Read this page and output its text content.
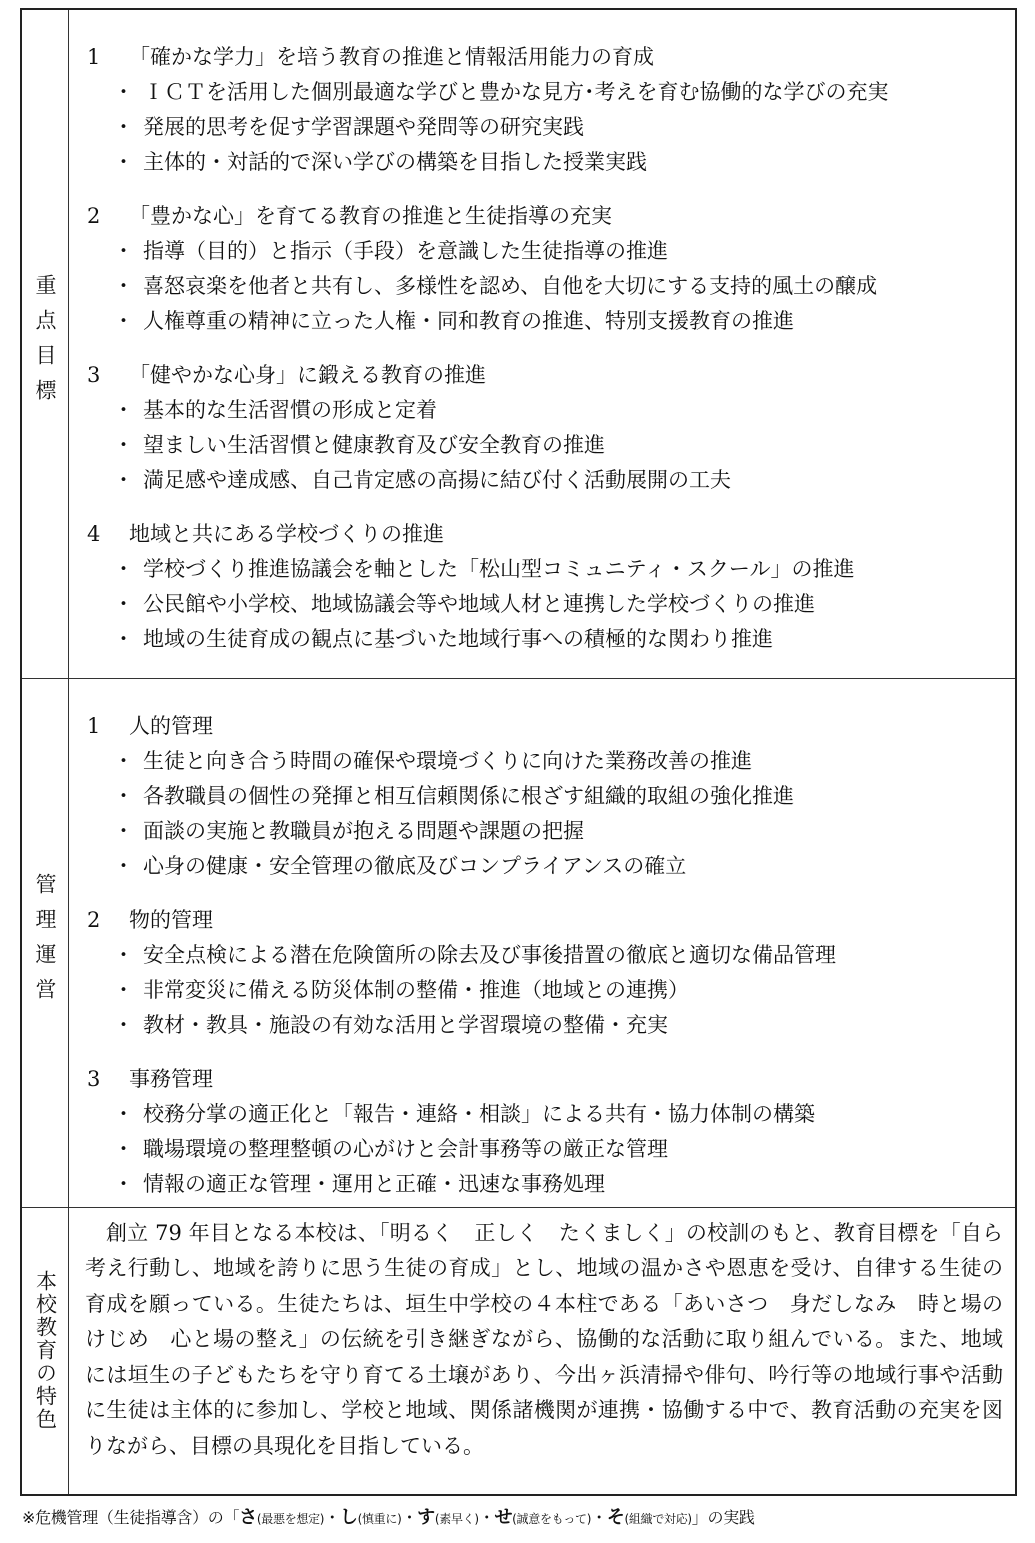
重点目標
1 「確かな学力」を培う教育の推進と情報活用能力の育成
・ ＩＣＴを活用した個別最適な学びと豊かな見方･考えを育む協働的な学びの充実
・ 発展的思考を促す学習課題や発問等の研究実践
・ 主体的・対話的で深い学びの構築を目指した授業実践
2 「豊かな心」を育てる教育の推進と生徒指導の充実
・ 指導（目的）と指示（手段）を意識した生徒指導の推進
・ 喜怒哀楽を他者と共有し、多様性を認め、自他を大切にする支持的風土の醸成
・ 人権尊重の精神に立った人権・同和教育の推進、特別支援教育の推進
3 「健やかな心身」に鍛える教育の推進
・ 基本的な生活習慣の形成と定着
・ 望ましい生活習慣と健康教育及び安全教育の推進
・ 満足感や達成感、自己肯定感の高揚に結び付く活動展開の工夫
4 地域と共にある学校づくりの推進
・ 学校づくり推進協議会を軸とした「松山型コミュニティ・スクール」の推進
・ 公民館や小学校、地域協議会等や地域人材と連携した学校づくりの推進
・ 地域の生徒育成の観点に基づいた地域行事への積極的な関わり推進
管理運営
1 人的管理
・ 生徒と向き合う時間の確保や環境づくりに向けた業務改善の推進
・ 各教職員の個性の発揮と相互信頼関係に根ざす組織的取組の強化推進
・ 面談の実施と教職員が抱える問題や課題の把握
・ 心身の健康・安全管理の徹底及びコンプライアンスの確立
2 物的管理
・ 安全点検による潜在危険箇所の除去及び事後措置の徹底と適切な備品管理
・ 非常変災に備える防災体制の整備・推進（地域との連携）
・ 教材・教具・施設の有効な活用と学習環境の整備・充実
3 事務管理
・ 校務分掌の適正化と「報告・連絡・相談」による共有・協力体制の構築
・ 職場環境の整理整頓の心がけと会計事務等の厳正な管理
・ 情報の適正な管理・運用と正確・迅速な事務処理
本校教育の特色

創立 79 年目となる本校は、「明るく　正しく　たくましく」の校訓のもと、教育目標を「自ら考え行動し、地域を誇りに思う生徒の育成」とし、地域の温かさや恩恵を受け、自律する生徒の育成を願っている。生徒たちは、垣生中学校の４本柱である「あいさつ　身だしなみ　時と場のけじめ　心と場の整え」の伝統を引き継ぎながら、協働的な活動に取り組んでいる。また、地域には垣生の子どもたちを守り育てる土壌があり、今出ヶ浜清掃や俳句、吟行等の地域行事や活動に生徒は主体的に参加し、学校と地域、関係諸機関が連携・協働する中で、教育活動の充実を図りながら、目標の具現化を目指している。

※危機管理（生徒指導含）の「さ(最悪を想定)・し(慎重に)・す(素早く)・せ(誠意をもって)・そ(組織で対応)」の実践
